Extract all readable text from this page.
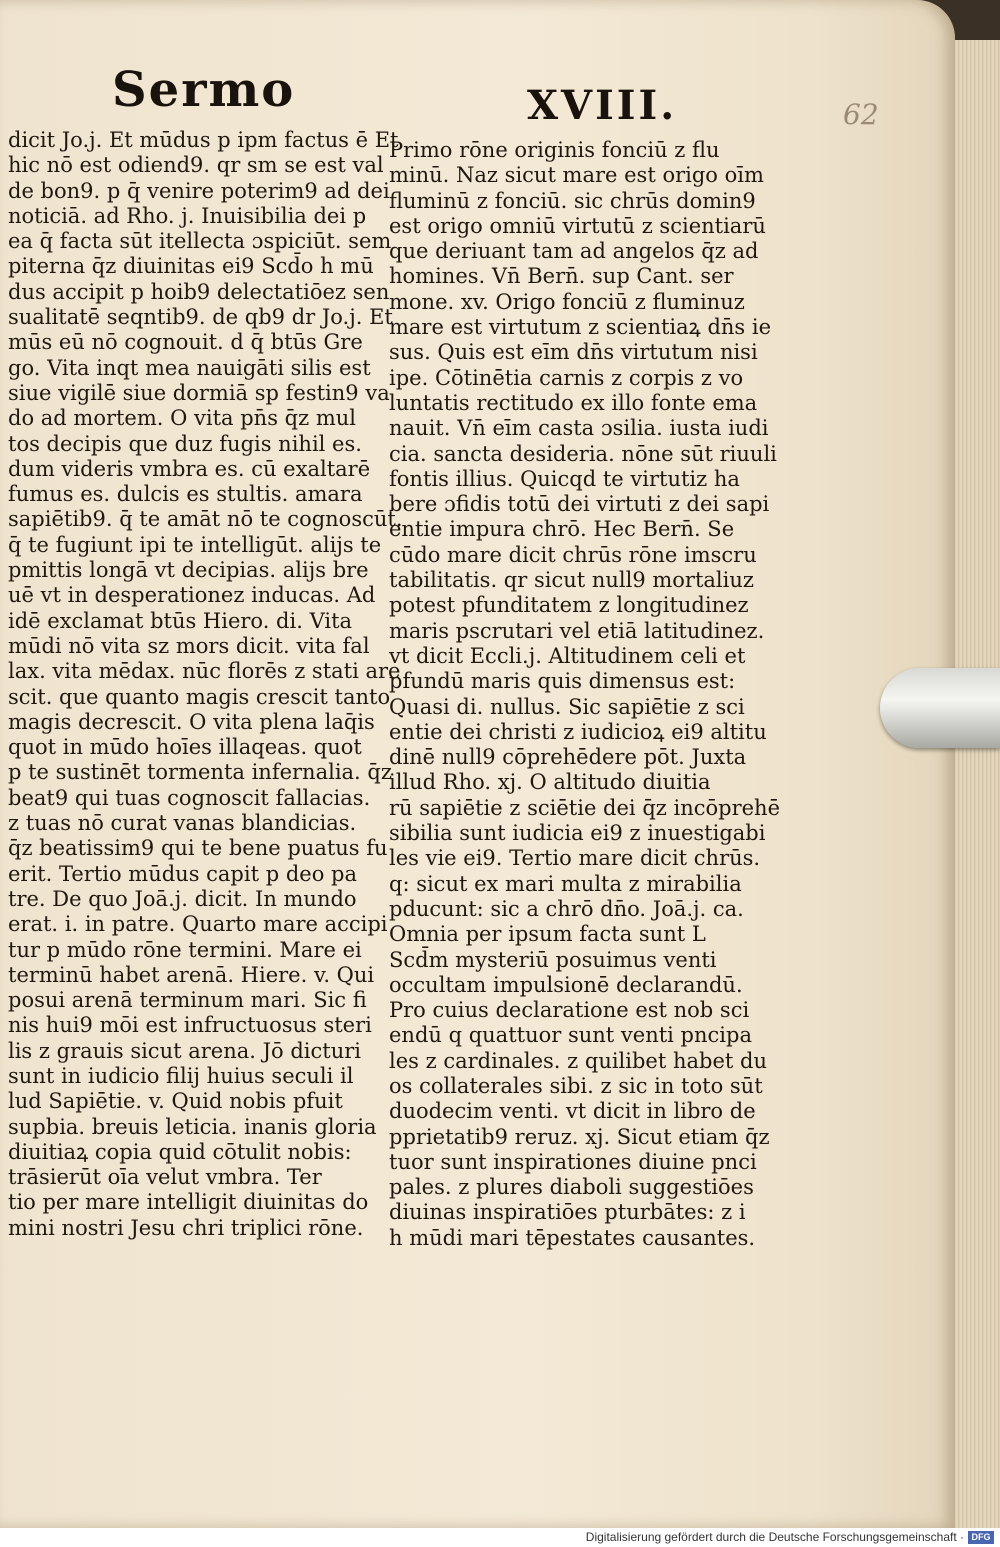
Sermo	XVIII.	62
dicit Jo.j. Et mūdus p ipm factus ē Et
hic nō est odiend9. qr sm se est val
de bon9. p q̄ venire poterim9 ad dei
noticiā. ad Rho. j. Inuisibilia dei p
ea q̄ facta sūt itellecta ɔspiciūt. sem
piterna q̄z diuinitas ei9 Scd̄o h mū
dus accipit p hoib9 delectatiōez sen
sualitatē seqntib9. de qb9 dr Jo.j. Et
mūs eū nō cognouit. d q̄ btūs Gre
go. Vita inqt mea nauigāti silis est
siue vigilē siue dormiā sp festin9 va
do ad mortem. O vita pn̄s q̄z mul
tos decipis que duz fugis nihil es.
dum videris vmbra es. cū exaltarē
fumus es. dulcis es stultis. amara
sapiētib9. q̄ te amāt nō te cognoscūt.
q̄ te fugiunt ipi te intelligūt. alijs te
pmittis longā vt decipias. alijs bre
uē vt in desperationez inducas. Ad
idē exclamat btūs Hiero. di. Vita
mūdi nō vita sz mors dicit. vita fal
lax. vita mēdax. nūc florēs z stati are
scit. que quanto magis crescit tanto
magis decrescit. O vita plena laq̄is
quot in mūdo hoīes illaqeas. quot
p te sustinēt tormenta infernalia. q̄z
beat9 qui tuas cognoscit fallacias.
z tuas nō curat vanas blandicias.
q̄z beatissim9 qui te bene puatus fu
erit. Tertio mūdus capit p deo pa
tre. De quo Joā.j. dicit. In mundo
erat. i. in patre. Quarto mare accipi
tur p mūdo rōne termini. Mare ei
terminū habet arenā. Hiere. v. Qui
posui arenā terminum mari. Sic fi
nis hui9 mōi est infructuosus steri
lis z grauis sicut arena. Jō dicturi
sunt in iudicio filij huius seculi il
lud Sapiētie. v. Quid nobis pfuit
supbia. breuis leticia. inanis gloria
diuitiaꝝ copia quid cōtulit nobis:
trāsierūt oīa velut vmbra. Ter
tio per mare intelligit diuinitas do
mini nostri Jesu chri triplici rōne.
Primo rōne originis fonciū z flu
minū. Naz sicut mare est origo oīm
fluminū z fonciū. sic chrūs domin9
est origo omniū virtutū z scientiarū
que deriuant tam ad angelos q̄z ad
homines. Vn̄ Bern̄. sup Cant. ser
mone. xv. Origo fonciū z fluminuz
mare est virtutum z scientiaꝝ dn̄s ie
sus. Quis est eīm dn̄s virtutum nisi
ipe. Cōtinētia carnis z corpis z vo
luntatis rectitudo ex illo fonte ema
nauit. Vn̄ eīm casta ɔsilia. iusta iudi
cia. sancta desideria. nōne sūt riuuli
fontis illius. Quicqd te virtutiz ha
bere ɔfidis totū dei virtuti z dei sapi
entie impura chrō. Hec Bern̄. Se
cūdo mare dicit chrūs rōne imscru
tabilitatis. qr sicut null9 mortaliuz
potest pfunditatem z longitudinez
maris pscrutari vel etiā latitudinez.
vt dicit Eccli.j. Altitudinem celi et
pfundū maris quis dimensus est:
Quasi di. nullus. Sic sapiētie z sci
entie dei christi z iudicioꝝ ei9 altitu
dinē null9 cōprehēdere pōt. Juxta
illud Rho. xj. O altitudo diuitia
rū sapiētie z sciētie dei q̄z incōprehē
sibilia sunt iudicia ei9 z inuestigabi
les vie ei9. Tertio mare dicit chrūs.
q: sicut ex mari multa z mirabilia
pducunt: sic a chrō dn̄o. Joā.j. ca.
Omnia per ipsum facta sunt L
Scd̄m mysteriū posuimus venti
occultam impulsionē declarandū.
Pro cuius declaratione est nob sci
endū q quattuor sunt venti pncipa
les z cardinales. z quilibet habet du
os collaterales sibi. z sic in toto sūt
duodecim venti. vt dicit in libro de
pprietatib9 reruz. xj. Sicut etiam q̄z
tuor sunt inspirationes diuine pnci
pales. z plures diaboli suggestiōes
diuinas inspiratiōes pturbātes: z i
h mūdi mari tēpestates causantes.
Digitalisierung gefördert durch die Deutsche Forschungsgemeinschaft · DFG
